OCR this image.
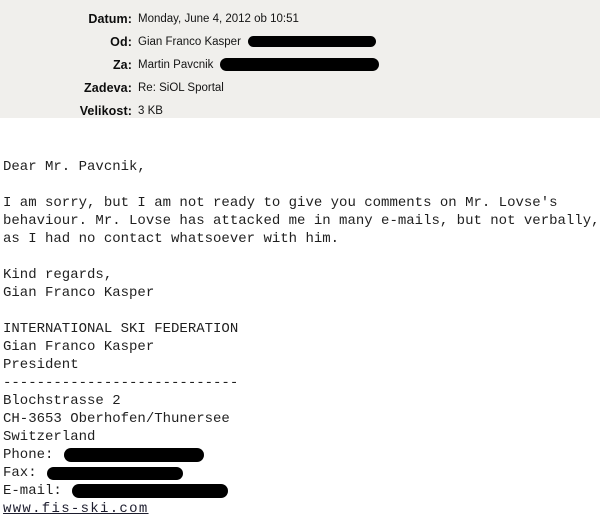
Datum: Monday, June 4, 2012 ob 10:51
Od: Gian Franco Kasper
Za: Martin Pavcnik
Zadeva: Re: SiOL Sportal
Velikost: 3 KB
Dear Mr. Pavcnik,
I am sorry, but I am not ready to give you comments on Mr. Lovse's
behaviour. Mr. Lovse has attacked me in many e-mails, but not verbally,
as I had no contact whatsoever with him.
Kind regards,
Gian Franco Kasper
INTERNATIONAL SKI FEDERATION
Gian Franco Kasper
President
----------------------------
Blochstrasse 2
CH-3653 Oberhofen/Thunersee
Switzerland
Phone:
Fax:
E-mail:
www.fis-ski.com
